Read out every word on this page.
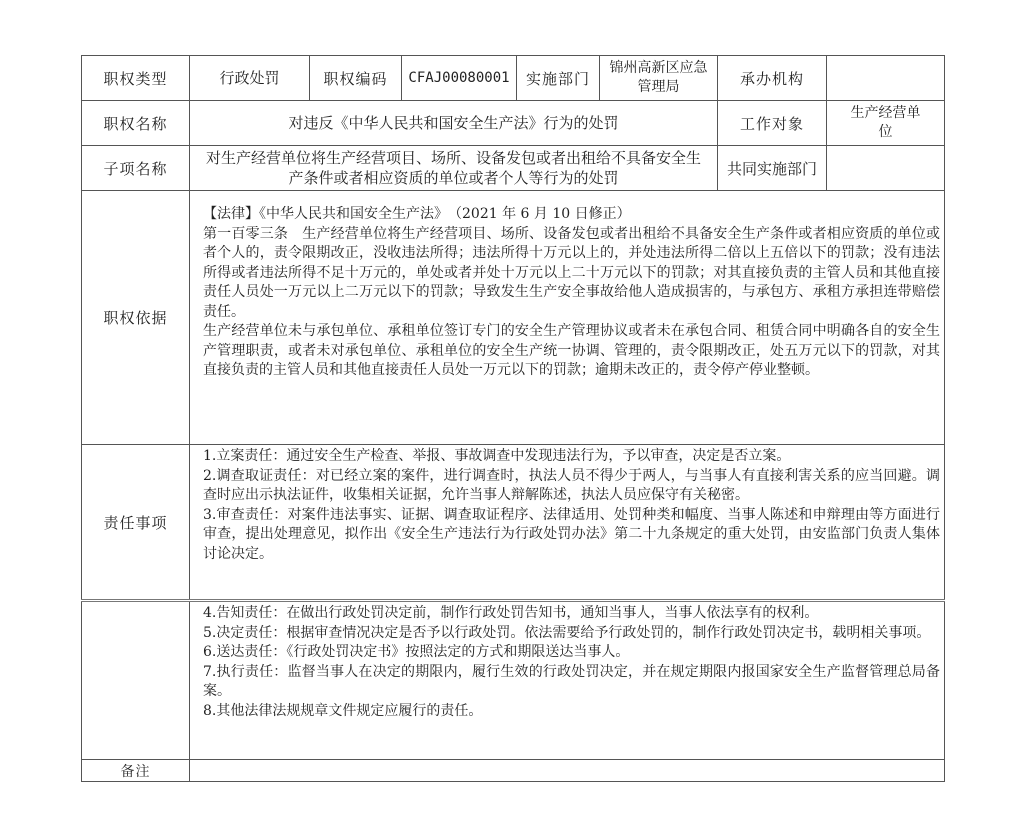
职权类型	行政处罚	职权编码	CFAJ00080001	实施部门	锦州高新区应急管理局	承办机构	
职权名称	对违反《中华人民共和国安全生产法》行为的处罚					工作对象	生产经营单位
子项名称	对生产经营单位将生产经营项目、场所、设备发包或者出租给不具备安全生产条件或者相应资质的单位或者个人等行为的处罚					共同实施部门	
职权依据	【法律】《中华人民共和国安全生产法》　（2021 年 6 月 10 日修正）

第一百零三条　生产经营单位将生产经营项目、场所、设备发包或者出租给不具备安全生产条件或者相应资质的单位或者个人的，责令限期改正，没收违法所得；违法所得十万元以上的，并处违法所得二倍以上五倍以下的罚款；没有违法所得或者违法所得不足十万元的，单处或者并处十万元以上二十万元以下的罚款；对其直接负责的主管人员和其他直接责任人员处一万元以上二万元以下的罚款；导致发生生产安全事故给他人造成损害的，与承包方、承租方承担连带赔偿责任。

生产经营单位未与承包单位、承租单位签订专门的安全生产管理协议或者未在承包合同、租赁合同中明确各自的安全生产管理职责，或者未对承包单位、承租单位的安全生产统一协调、管理的，责令限期改正，处五万元以下的罚款，对其直接负责的主管人员和其他直接责任人员处一万元以下的罚款；逾期未改正的，责令停产停业整顿。						

责任事项	1.立案责任：通过安全生产检查、举报、事故调查中发现违法行为，予以审查，决定是否立案。

2.调查取证责任：对已经立案的案件，进行调查时，执法人员不得少于两人，与当事人有直接利害关系的应当回避。调查时应出示执法证件，收集相关证据，允许当事人辩解陈述，执法人员应保守有关秘密。

3.审查责任：对案件违法事实、证据、调查取证程序、法律适用、处罚种类和幅度、当事人陈述和申辩理由等方面进行审查，提出处理意见，拟作出《安全生产违法行为行政处罚办法》第二十九条规定的重大处罚，由安监部门负责人集体讨论决定。						

	4.告知责任：在做出行政处罚决定前，制作行政处罚告知书，通知当事人，当事人依法享有的权利。

5.决定责任：根据审查情况决定是否予以行政处罚。依法需要给予行政处罚的，制作行政处罚决定书，载明相关事项。

6.送达责任：《行政处罚决定书》按照法定的方式和期限送达当事人。

7.执行责任：监督当事人在决定的期限内，履行生效的行政处罚决定，并在规定期限内报国家安全生产监督管理总局备案。

8.其他法律法规规章文件规定应履行的责任。						

备注							
